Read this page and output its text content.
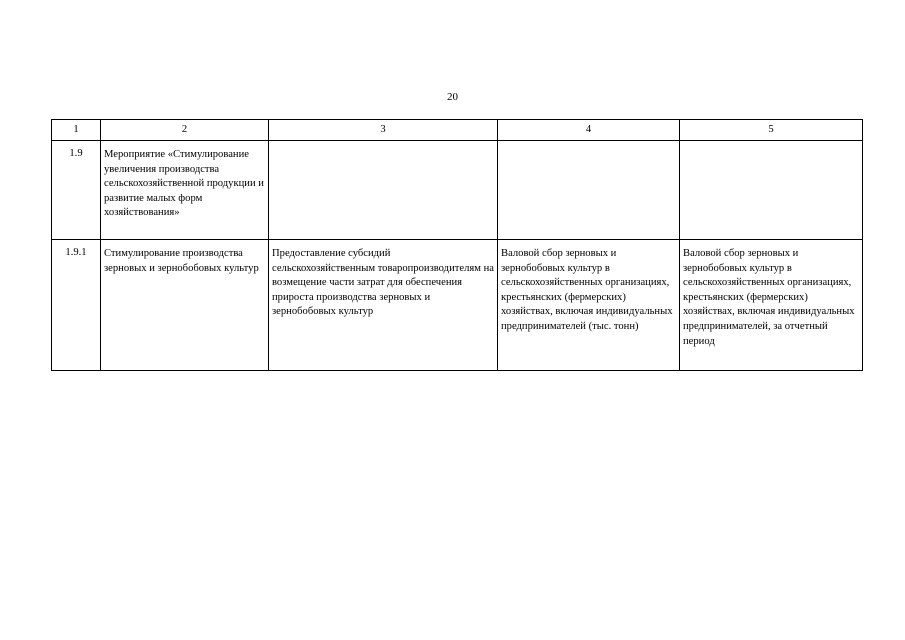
20
1	2	3	4	5
1.9	Мероприятие «Стимулирование увеличения производства сельскохозяйственной продукции и развитие малых форм хозяйствования»			
1.9.1	Стимулирование производства зерновых и зернобобовых культур	Предоставление субсидий сельскохозяйственным товаропроизводителям на возмещение части затрат для обеспечения прироста производства зерновых и зернобобовых культур	Валовой сбор зерновых и зернобобовых культур в сельскохозяйственных организациях, крестьянских (фермерских) хозяйствах, включая индивидуальных предпринимателей (тыс. тонн)	Валовой сбор зерновых и зернобобовых культур в сельскохозяйственных организациях, крестьянских (фермерских) хозяйствах, включая индивидуальных предпринимателей, за отчетный период
